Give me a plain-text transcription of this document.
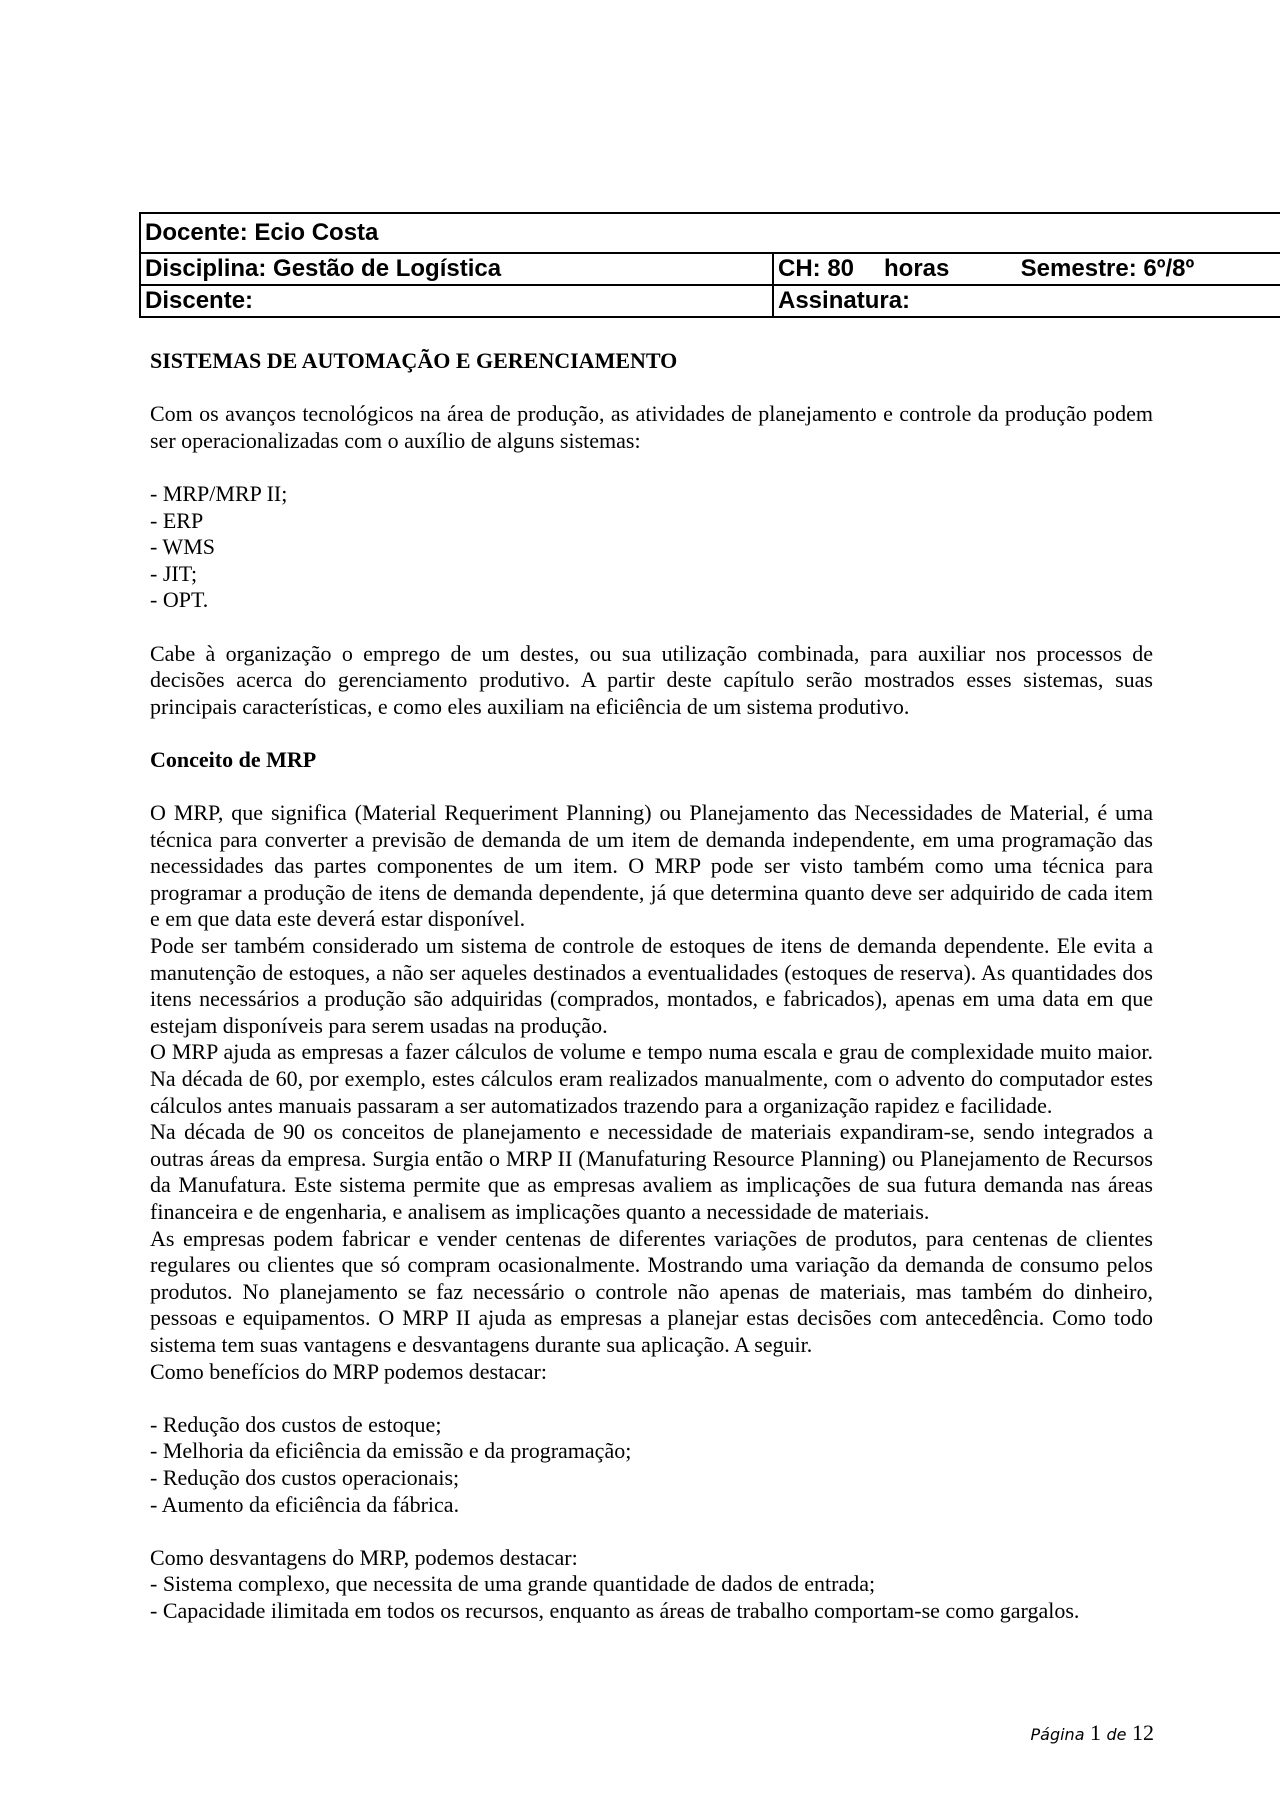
Docente: Ecio Costa	
Disciplina: Gestão de Logística	CH: 80 horas Semestre: 6º/8º
Discente:	Assinatura:

SISTEMAS DE AUTOMAÇÃO E GERENCIAMENTO

Com os avanços tecnológicos na área de produção, as atividades de planejamento e controle da produção podem ser operacionalizadas com o auxílio de alguns sistemas:

- MRP/MRP II;

- ERP

- WMS

- JIT;

- OPT.

Cabe à organização o emprego de um destes, ou sua utilização combinada, para auxiliar nos processos de decisões acerca do gerenciamento produtivo. A partir deste capítulo serão mostrados esses sistemas, suas principais características, e como eles auxiliam na eficiência de um sistema produtivo.

Conceito de MRP

O MRP, que significa (Material Requeriment Planning) ou Planejamento das Necessidades de Material, é uma técnica para converter a previsão de demanda de um item de demanda independente, em uma programação das necessidades das partes componentes de um item. O MRP pode ser visto também como uma técnica para programar a produção de itens de demanda dependente, já que determina quanto deve ser adquirido de cada item e em que data este deverá estar disponível.

Pode ser também considerado um sistema de controle de estoques de itens de demanda dependente. Ele evita a manutenção de estoques, a não ser aqueles destinados a eventualidades (estoques de reserva). As quantidades dos itens necessários a produção são adquiridas (comprados, montados, e fabricados), apenas em uma data em que estejam disponíveis para serem usadas na produção.

O MRP ajuda as empresas a fazer cálculos de volume e tempo numa escala e grau de complexidade muito maior. Na década de 60, por exemplo, estes cálculos eram realizados manualmente, com o advento do computador estes cálculos antes manuais passaram a ser automatizados trazendo para a organização rapidez e facilidade.

Na década de 90 os conceitos de planejamento e necessidade de materiais expandiram-se, sendo integrados a outras áreas da empresa. Surgia então o MRP II (Manufaturing Resource Planning) ou Planejamento de Recursos da Manufatura. Este sistema permite que as empresas avaliem as implicações de sua futura demanda nas áreas financeira e de engenharia, e analisem as implicações quanto a necessidade de materiais.

As empresas podem fabricar e vender centenas de diferentes variações de produtos, para centenas de clientes regulares ou clientes que só compram ocasionalmente. Mostrando uma variação da demanda de consumo pelos produtos. No planejamento se faz necessário o controle não apenas de materiais, mas também do dinheiro, pessoas e equipamentos. O MRP II ajuda as empresas a planejar estas decisões com antecedência. Como todo sistema tem suas vantagens e desvantagens durante sua aplicação. A seguir.

Como benefícios do MRP podemos destacar:

- Redução dos custos de estoque;

- Melhoria da eficiência da emissão e da programação;

- Redução dos custos operacionais;

- Aumento da eficiência da fábrica.

Como desvantagens do MRP, podemos destacar:

- Sistema complexo, que necessita de uma grande quantidade de dados de entrada;

- Capacidade ilimitada em todos os recursos, enquanto as áreas de trabalho comportam-se como gargalos.

Página 1 de 12
